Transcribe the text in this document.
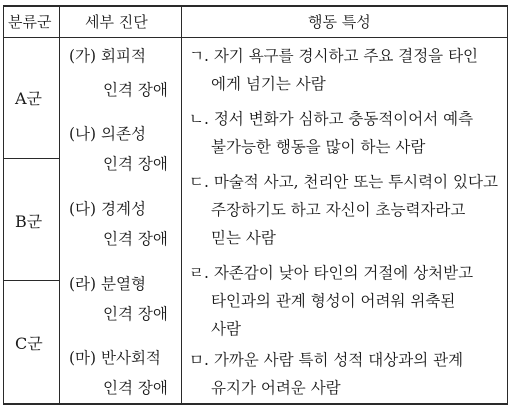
분류군 세부 진단	행동 특성
A군
B군
C군
(가) 회피적
인격 장애
(나) 의존성
인격 장애
(다) 경계성
인격 장애
(라) 분열형
인격 장애
(마) 반사회적
인격 장애
ㄱ. 자기 욕구를 경시하고 주요 결정을 타인
에게 넘기는 사람
ㄴ. 정서 변화가 심하고 충동적이어서 예측
불가능한 행동을 많이 하는 사람
ㄷ. 마술적 사고, 천리안 또는 투시력이 있다고
주장하기도 하고 자신이 초능력자라고
믿는 사람
ㄹ. 자존감이 낮아 타인의 거절에 상처받고
타인과의 관계 형성이 어려워 위축된
사람
ㅁ. 가까운 사람 특히 성적 대상과의 관계
유지가 어려운 사람
